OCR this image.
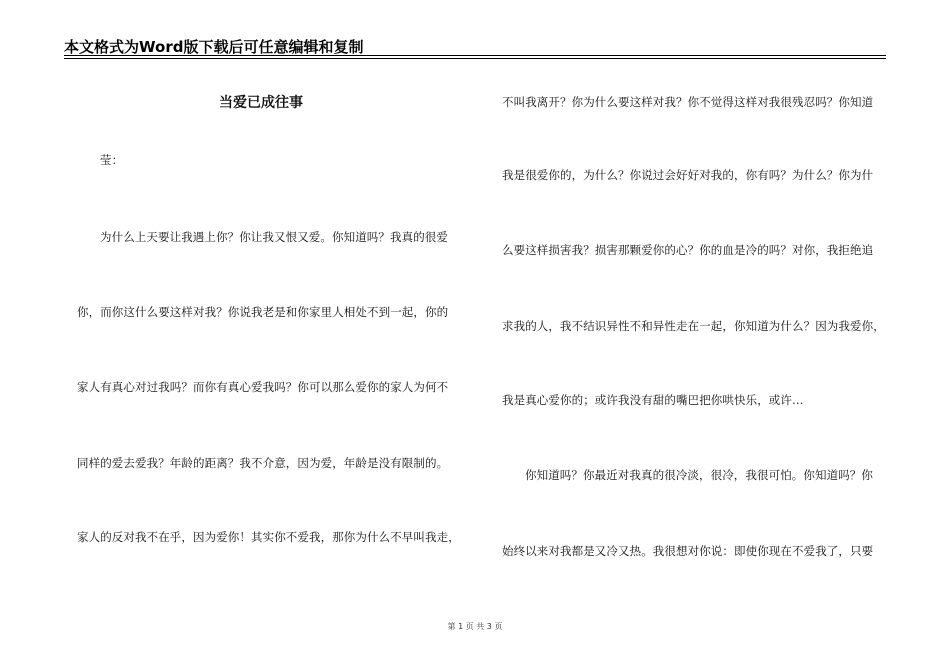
本文格式为Word版下载后可任意编辑和复制
当爱已成往事
莹：
为什么上天要让我遇上你？你让我又恨又爱。你知道吗？我真的很爱
你，而你这什么要这样对我？你说我老是和你家里人相处不到一起，你的
家人有真心对过我吗？而你有真心爱我吗？你可以那么爱你的家人为何不
同样的爱去爱我？年龄的距离？我不介意，因为爱，年龄是没有限制的。
家人的反对我不在乎，因为爱你！其实你不爱我，那你为什么不早叫我走，
不叫我离开？你为什么要这样对我？你不觉得这样对我很残忍吗？你知道
我是很爱你的，为什么？你说过会好好对我的，你有吗？为什么？你为什
么要这样损害我？损害那颗爱你的心？你的血是冷的吗？对你，我拒绝追
求我的人，我不结识异性不和异性走在一起，你知道为什么？因为我爱你，
我是真心爱你的；或许我没有甜的嘴巴把你哄快乐，或许…
你知道吗？你最近对我真的很冷淡，很冷，我很可怕。你知道吗？你
始终以来对我都是又冷又热。我很想对你说：即使你现在不爱我了，只要
第 1 页 共 3 页
